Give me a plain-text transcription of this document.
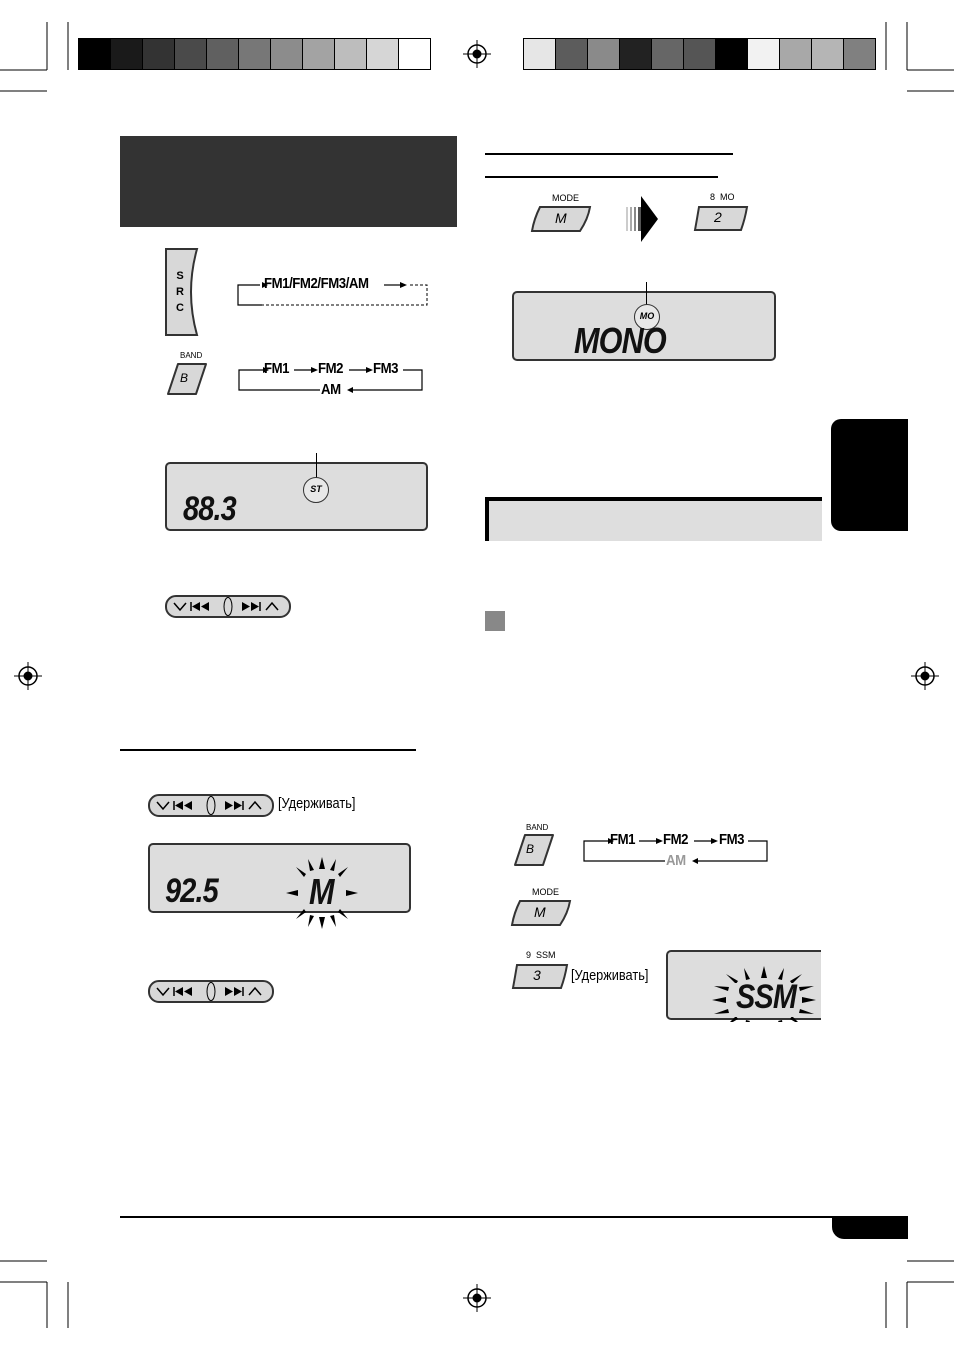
S
R
C
FM1/FM2/FM3/AM
BAND
B
FM1 FM2 FM3
AM
ST
88.3
[Удерживать]
92.5	M
MODE
M
8 MO
2
MO
MONO
BAND
B
FM1 FM2 FM3
AM
MODE
M
9 SSM
3 [Удерживать]
SSM
